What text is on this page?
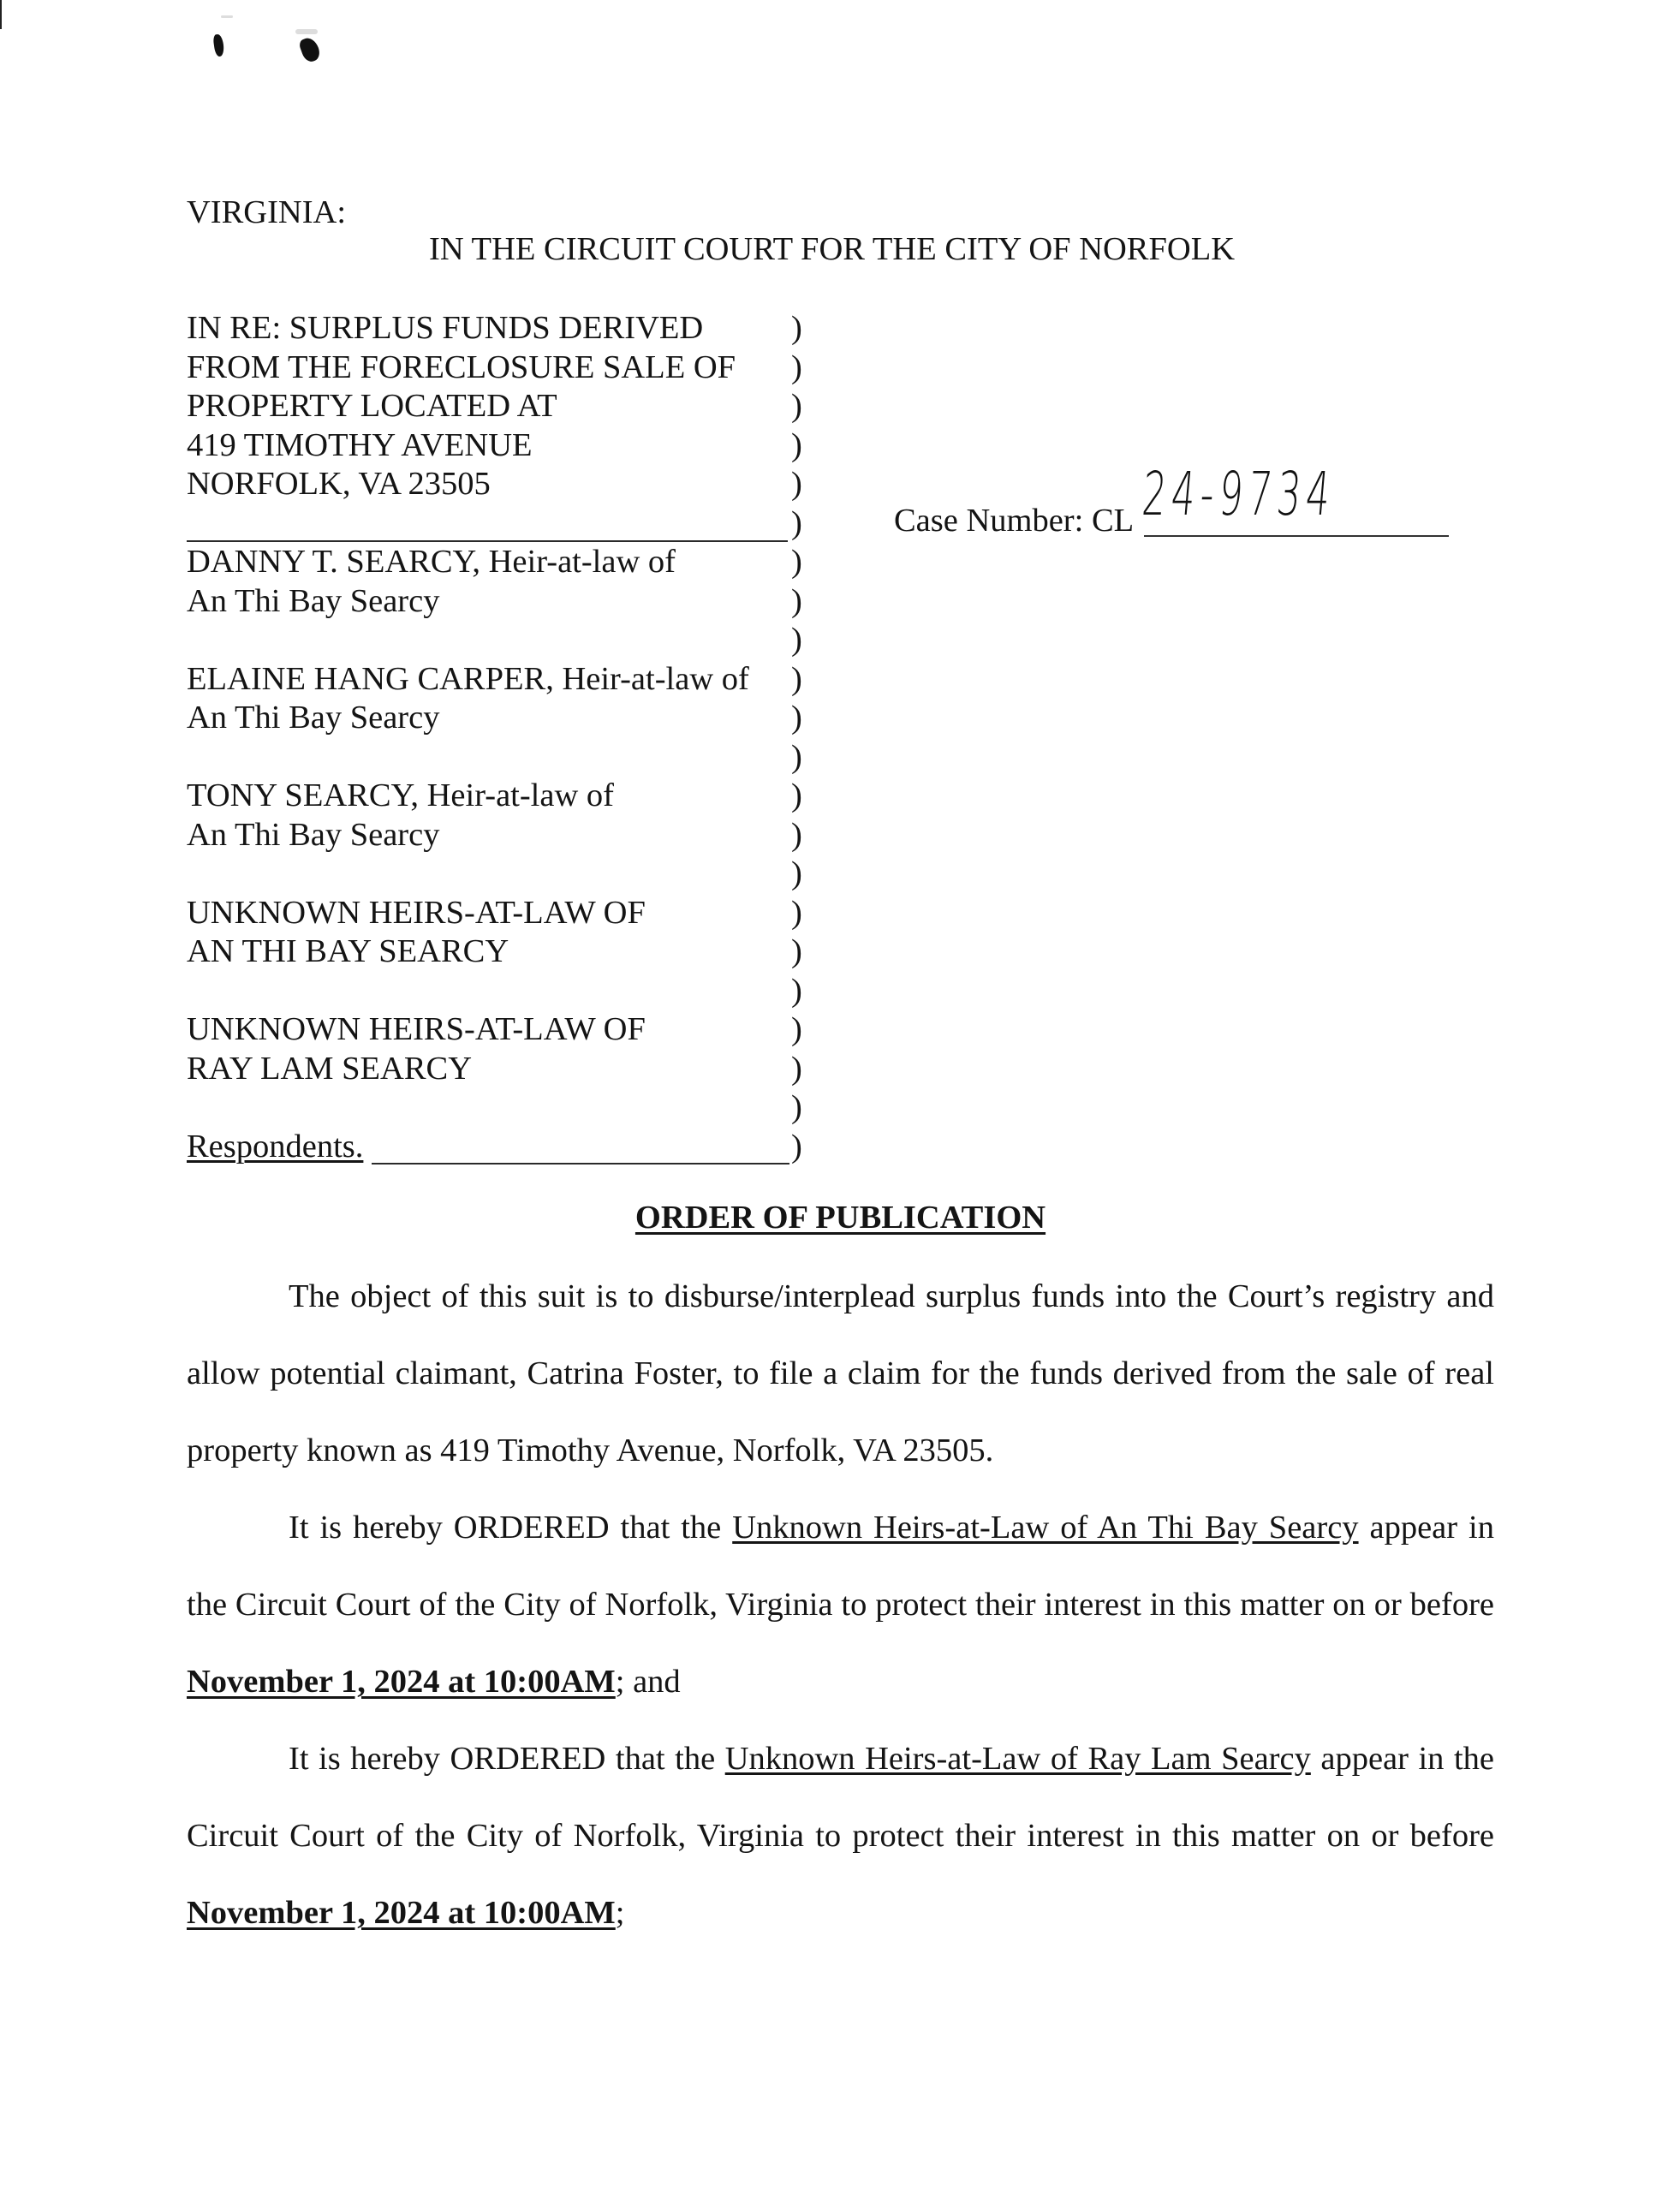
VIRGINIA:
IN THE CIRCUIT COURT FOR THE CITY OF NORFOLK
IN RE: SURPLUS FUNDS DERIVED	)
FROM THE FORECLOSURE SALE OF )
PROPERTY LOCATED AT	)
419 TIMOTHY AVENUE	)
NORFOLK, VA 23505	)
)
DANNY T. SEARCY, Heir-at-law of	)
An Thi Bay Searcy	)
)
ELAINE HANG CARPER, Heir-at-law of )
An Thi Bay Searcy	)
)
TONY SEARCY, Heir-at-law of	)
An Thi Bay Searcy	)
)
UNKNOWN HEIRS-AT-LAW OF	)
AN THI BAY SEARCY	)
)
UNKNOWN HEIRS-AT-LAW OF	)
RAY LAM SEARCY	)
)
Respondents.	)
Case Number: CL 24-9734
ORDER OF PUBLICATION

The object of this suit is to disburse/interplead surplus funds into the Court’s registry and allow potential claimant, Catrina Foster, to file a claim for the funds derived from the sale of real property known as 419 Timothy Avenue, Norfolk, VA 23505.

It is hereby ORDERED that the Unknown Heirs-at-Law of An Thi Bay Searcy appear in the Circuit Court of the City of Norfolk, Virginia to protect their interest in this matter on or before November 1, 2024 at 10:00AM; and

It is hereby ORDERED that the Unknown Heirs-at-Law of Ray Lam Searcy appear in the Circuit Court of the City of Norfolk, Virginia to protect their interest in this matter on or before November 1, 2024 at 10:00AM;
